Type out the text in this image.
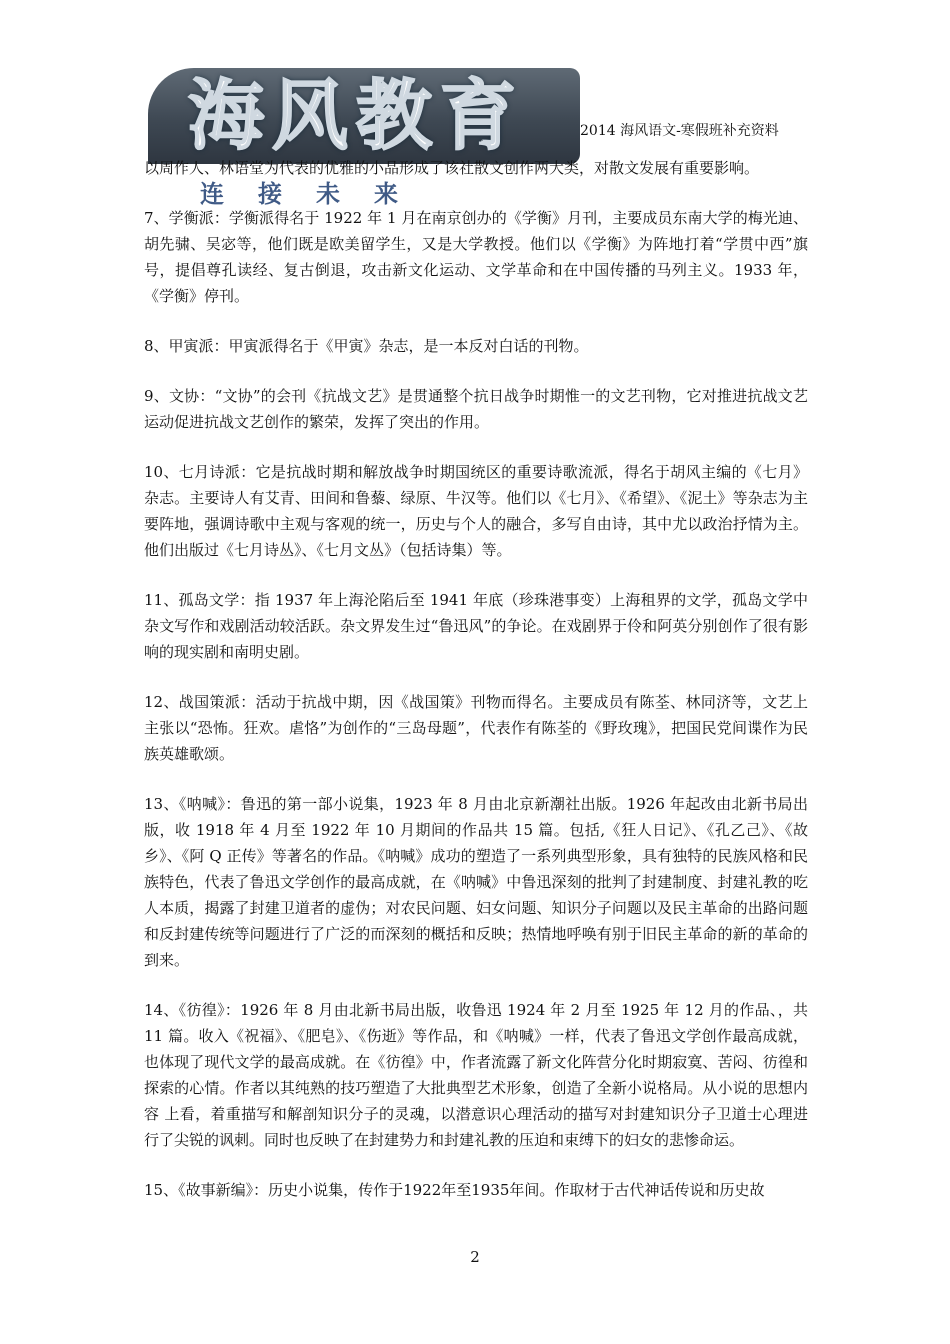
海风教育
连接未来
2014 海风语文-寒假班补充资料

以周作人、林语堂为代表的优雅的小品形成了该社散文创作两大类，对散文发展有重要影响。

7、学衡派：学衡派得名于 1922 年 1 月在南京创办的《学衡》月刊，主要成员东南大学的梅光迪、胡先骕、吴宓等，他们既是欧美留学生，又是大学教授。他们以《学衡》为阵地打着“学贯中西”旗号，提倡尊孔读经、复古倒退，攻击新文化运动、文学革命和在中国传播的马列主义。1933 年，《学衡》停刊。

8、甲寅派：甲寅派得名于《甲寅》杂志，是一本反对白话的刊物。

9、文协：“文协”的会刊《抗战文艺》是贯通整个抗日战争时期惟一的文艺刊物，它对推进抗战文艺运动促进抗战文艺创作的繁荣，发挥了突出的作用。

10、七月诗派：它是抗战时期和解放战争时期国统区的重要诗歌流派，得名于胡风主编的《七月》杂志。主要诗人有艾青、田间和鲁藜、绿原、牛汉等。他们以《七月》、《希望》、《泥土》等杂志为主要阵地，强调诗歌中主观与客观的统一，历史与个人的融合，多写自由诗，其中尤以政治抒情为主。他们出版过《七月诗丛》、《七月文丛》（包括诗集）等。

11、孤岛文学：指 1937 年上海沦陷后至 1941 年底（珍珠港事变）上海租界的文学，孤岛文学中杂文写作和戏剧活动较活跃。杂文界发生过“鲁迅风”的争论。在戏剧界于伶和阿英分别创作了很有影响的现实剧和南明史剧。

12、战国策派：活动于抗战中期，因《战国策》刊物而得名。主要成员有陈荃、林同济等，文艺上主张以“恐怖。狂欢。虐恪”为创作的“三岛母题”，代表作有陈荃的《野玫瑰》，把国民党间谍作为民族英雄歌颂。

13、《呐喊》：鲁迅的第一部小说集，1923 年 8 月由北京新潮社出版。1926 年起改由北新书局出版，收 1918 年 4 月至 1922 年 10 月期间的作品共 15 篇。包括,《狂人日记》、《孔乙己》、《故乡》、《阿 Q 正传》等著名的作品。《呐喊》成功的塑造了一系列典型形象，具有独特的民族风格和民族特色，代表了鲁迅文学创作的最高成就，在《呐喊》中鲁迅深刻的批判了封建制度、封建礼教的吃人本质，揭露了封建卫道者的虚伪；对农民问题、妇女问题、知识分子问题以及民主革命的出路问题和反封建传统等问题进行了广泛的而深刻的概括和反映；热情地呼唤有别于旧民主革命的新的革命的到来。

14、《彷徨》：1926 年 8 月由北新书局出版，收鲁迅 1924 年 2 月至 1925 年 12 月的作品、，共 11 篇。收入《祝福》、《肥皂》、《伤逝》等作品，和《呐喊》一样，代表了鲁迅文学创作最高成就，也体现了现代文学的最高成就。在《彷徨》中，作者流露了新文化阵营分化时期寂寞、苦闷、彷徨和探索的心情。作者以其纯熟的技巧塑造了大批典型艺术形象，创造了全新小说格局。从小说的思想内容 上看，着重描写和解剖知识分子的灵魂，以潜意识心理活动的描写对封建知识分子卫道士心理进行了尖锐的讽刺。同时也反映了在封建势力和封建礼教的压迫和束缚下的妇女的悲惨命运。

15、《故事新编》：历史小说集，传作于1922年至1935年间。作取材于古代神话传说和历史故

2
